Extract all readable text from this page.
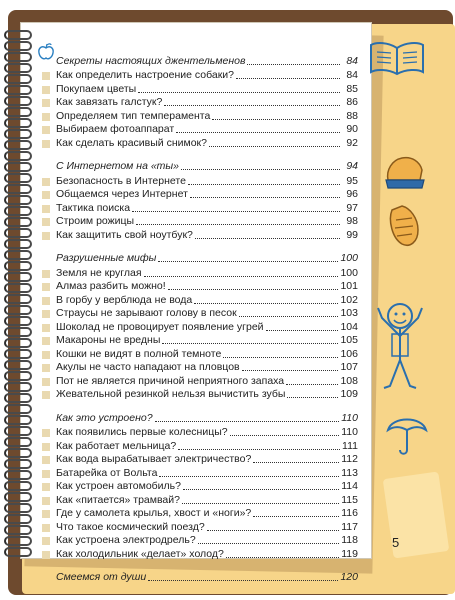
Секреты настоящих джентельменов	84
Как определить настроение собаки?	84
Покупаем цветы	85
Как завязать галстук?	86
Определяем тип темперамента	88
Выбираем фотоаппарат	90
Как сделать красивый снимок?	92
С Интернетом на «ты»	94
Безопасность в Интернете	95
Общаемся через Интернет	96
Тактика поиска	97
Строим рожицы	98
Как защитить свой ноутбук?	99
Разрушенные мифы	100
Земля не круглая	100
Алмаз разбить можно!	101
В горбу у верблюда не вода	102
Страусы не зарывают голову в песок	103
Шоколад не провоцирует появление угрей	104
Макароны не вредны	105
Кошки не видят в полной темноте	106
Акулы не часто нападают на пловцов	107
Пот не является причиной неприятного запаха	108
Жевательной резинкой нельзя вычистить зубы	109
Как это устроено?	110
Как появились первые колесницы?	110
Как работает мельница?	111
Как вода вырабатывает электричество?	112
Батарейка от Вольта	113
Как устроен автомобиль?	114
Как «питается» трамвай?	115
Где у самолета крылья, хвост и «ноги»?	116
Что такое космический поезд?	117
Как устроена электродрель?	118
Как холодильник «делает» холод?	119
Смеемся от души	120
5
